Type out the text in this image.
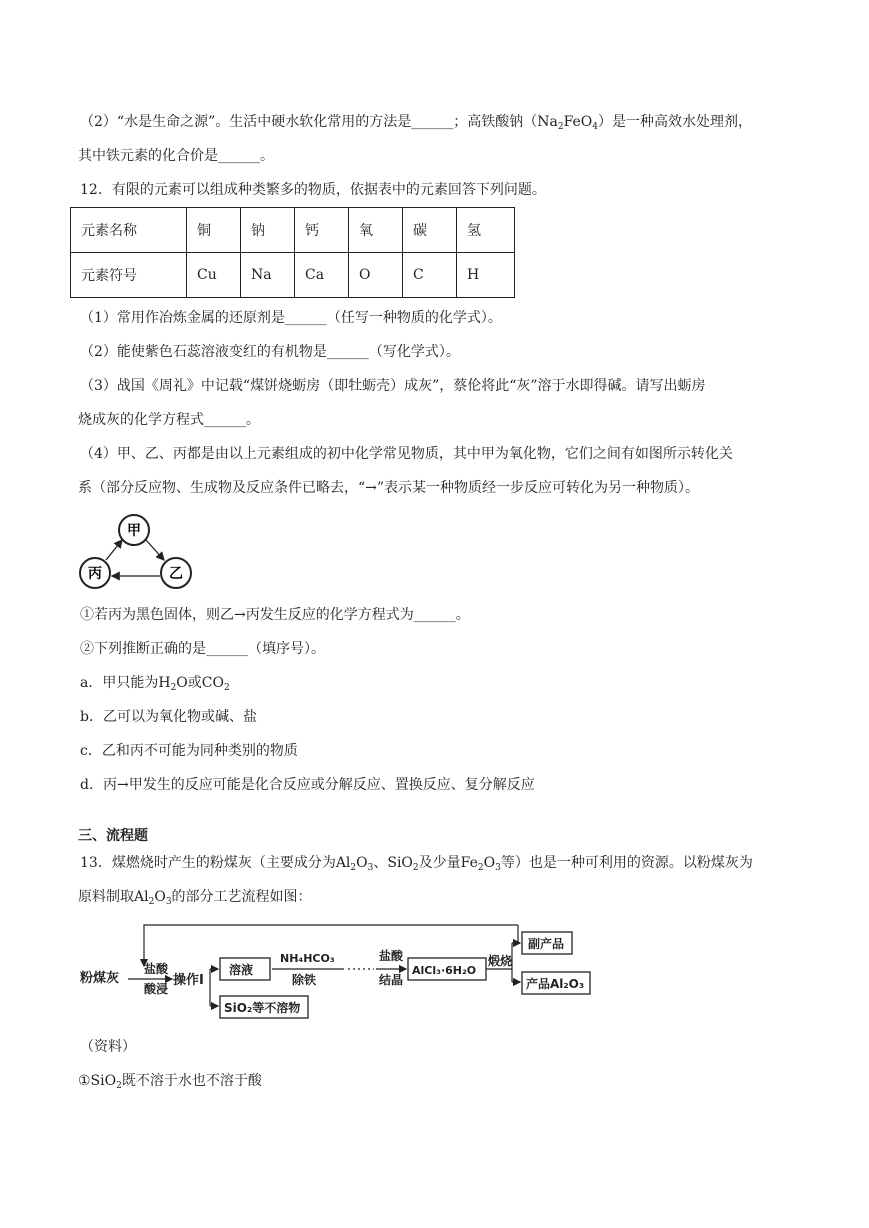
（2）“水是生命之源”。生活中硬水软化常用的方法是______；高铁酸钠$(Na_2FeO_4)$是一种高效水处理剂，
其中铁元素的化合价是______。
12．有限的元素可以组成种类繁多的物质，依据表中的元素回答下列问题。
元素名称	铜	钠	钙	氧	碳	氢
元素符号	Cu	Na	Ca	O	C	H
（1）常用作冶炼金属的还原剂是______（任写一种物质的化学式）。
（2）能使紫色石蕊溶液变红的有机物是______（写化学式）。
（3）战国《周礼》中记载“煤饼烧蛎房（即牡蛎壳）成灰”，蔡伦将此“灰”溶于水即得碱。请写出蛎房
烧成灰的化学方程式______。
（4）甲、乙、丙都是由以上元素组成的初中化学常见物质，其中甲为氧化物，它们之间有如图所示转化关
系（部分反应物、生成物及反应条件已略去，“→”表示某一种物质经一步反应可转化为另一种物质）。
甲
丙	乙
①若丙为黑色固体，则乙→丙发生反应的化学方程式为______。
②下列推断正确的是______（填序号）。
a．甲只能为$H_2O$或$CO_2$
b．乙可以为氧化物或碱、盐
c．乙和丙不可能为同种类别的物质
d．丙→甲发生的反应可能是化合反应或分解反应、置换反应、复分解反应
三、流程题
13．煤燃烧时产生的粉煤灰（主要成分为$Al_2O_3$、SiO$_2$及少量$Fe_2O_3$等）也是一种可利用的资源。以粉煤灰为
原料制取$Al_2O_3$的部分工艺流程如图：
粉煤灰
盐酸
酸浸
操作Ⅰ
溶液
NH₄HCO₃
除铁
盐酸
结晶
AlCl₃·6H₂O
煅烧
副产品
产品Al₂O₃
SiO₂等不溶物
（资料）
①SiO$_2$既不溶于水也不溶于酸
